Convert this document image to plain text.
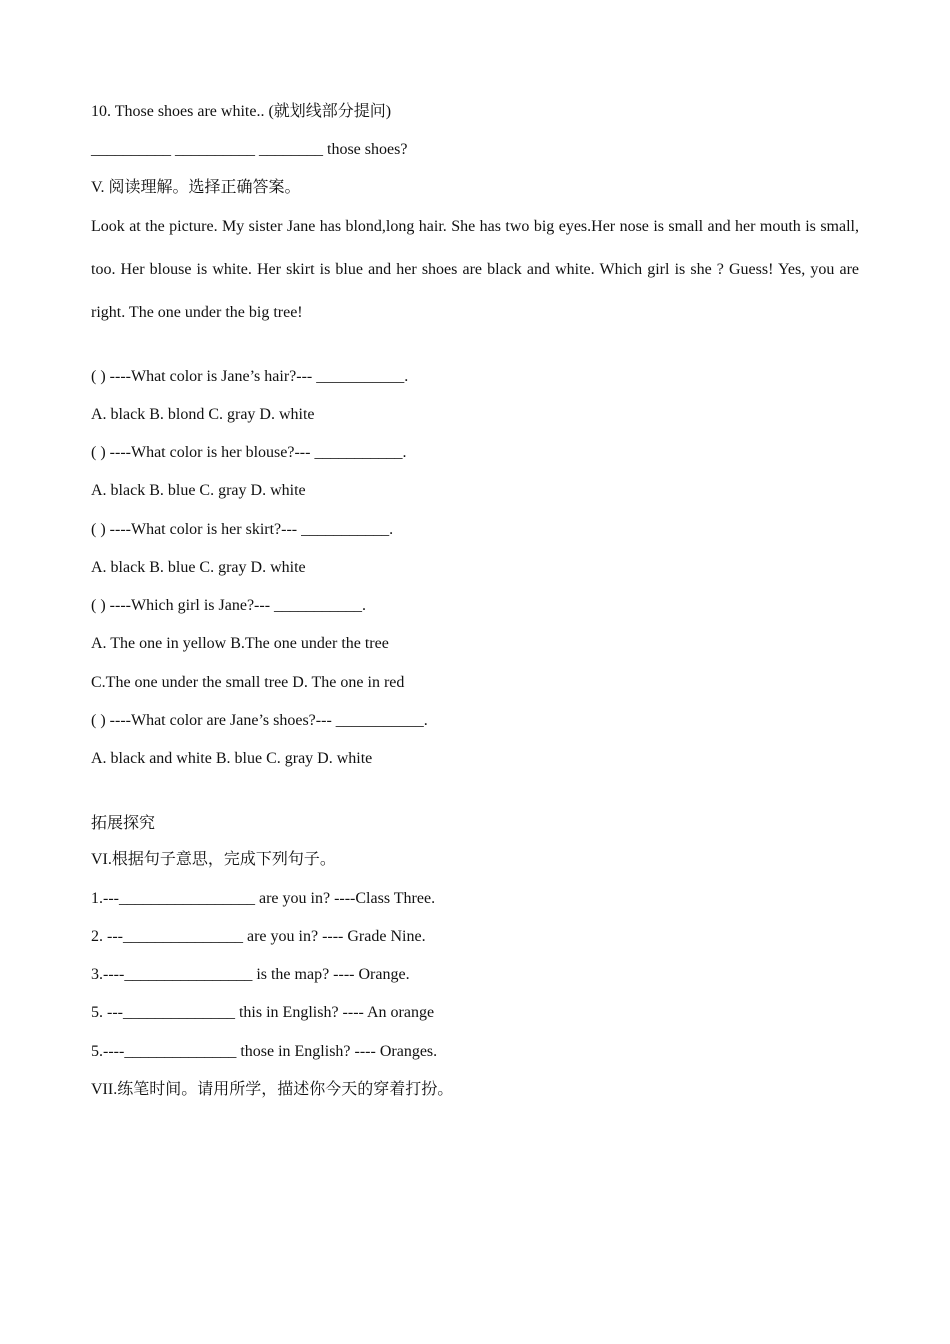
10. Those shoes are white.. (就划线部分提问)
__________ __________ ________ those shoes?
V. 阅读理解。选择正确答案。
Look at the picture. My sister Jane has blond,long hair. She has two big eyes.Her nose is small and her mouth is small, too. Her blouse is white. Her skirt is blue and her shoes are black and white. Which girl is she ? Guess! Yes, you are right. The one under the big tree!
( ) ----What color is Jane’s hair?--- ___________.
A. black B. blond C. gray D. white
( ) ----What color is her blouse?--- ___________.
A. black B. blue C. gray D. white
( ) ----What color is her skirt?--- ___________.
A. black B. blue C. gray D. white
( ) ----Which girl is Jane?--- ___________.
A. The one in yellow B.The one under the tree
C.The one under the small tree D. The one in red
( ) ----What color are Jane’s shoes?--- ___________.
A. black and white B. blue C. gray D. white
拓展探究
VI.根据句子意思，完成下列句子。
1.---_________________ are you in? ----Class Three.
2. ---_______________ are you in? ---- Grade Nine.
3.----________________ is the map? ---- Orange.
5. ---______________ this in English? ---- An orange
5.----______________ those in English? ---- Oranges.
VII.练笔时间。请用所学，描述你今天的穿着打扮。
